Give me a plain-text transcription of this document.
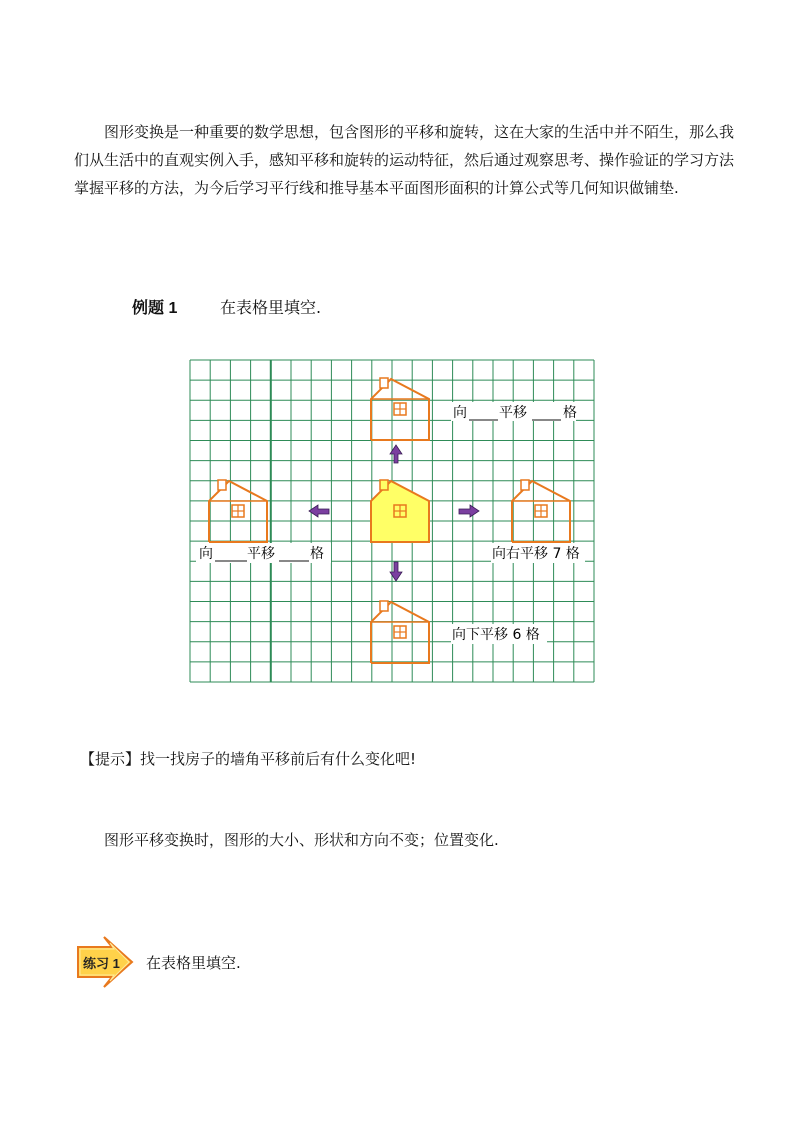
图形变换是一种重要的数学思想，包含图形的平移和旋转，这在大家的生活中并不陌生，那么我们从生活中的直观实例入手，感知平移和旋转的运动特征，然后通过观察思考、操作验证的学习方法掌握平移的方法，为今后学习平行线和推导基本平面图形面积的计算公式等几何知识做铺垫.

例题 1	在表格里填空.
向 平移	格
向 平移	格	向右平移 7 格
向下平移 6 格
【提示】找一找房子的墙角平移前后有什么变化吧!
图形平移变换时，图形的大小、形状和方向不变；位置变化.
练习 1 在表格里填空.
